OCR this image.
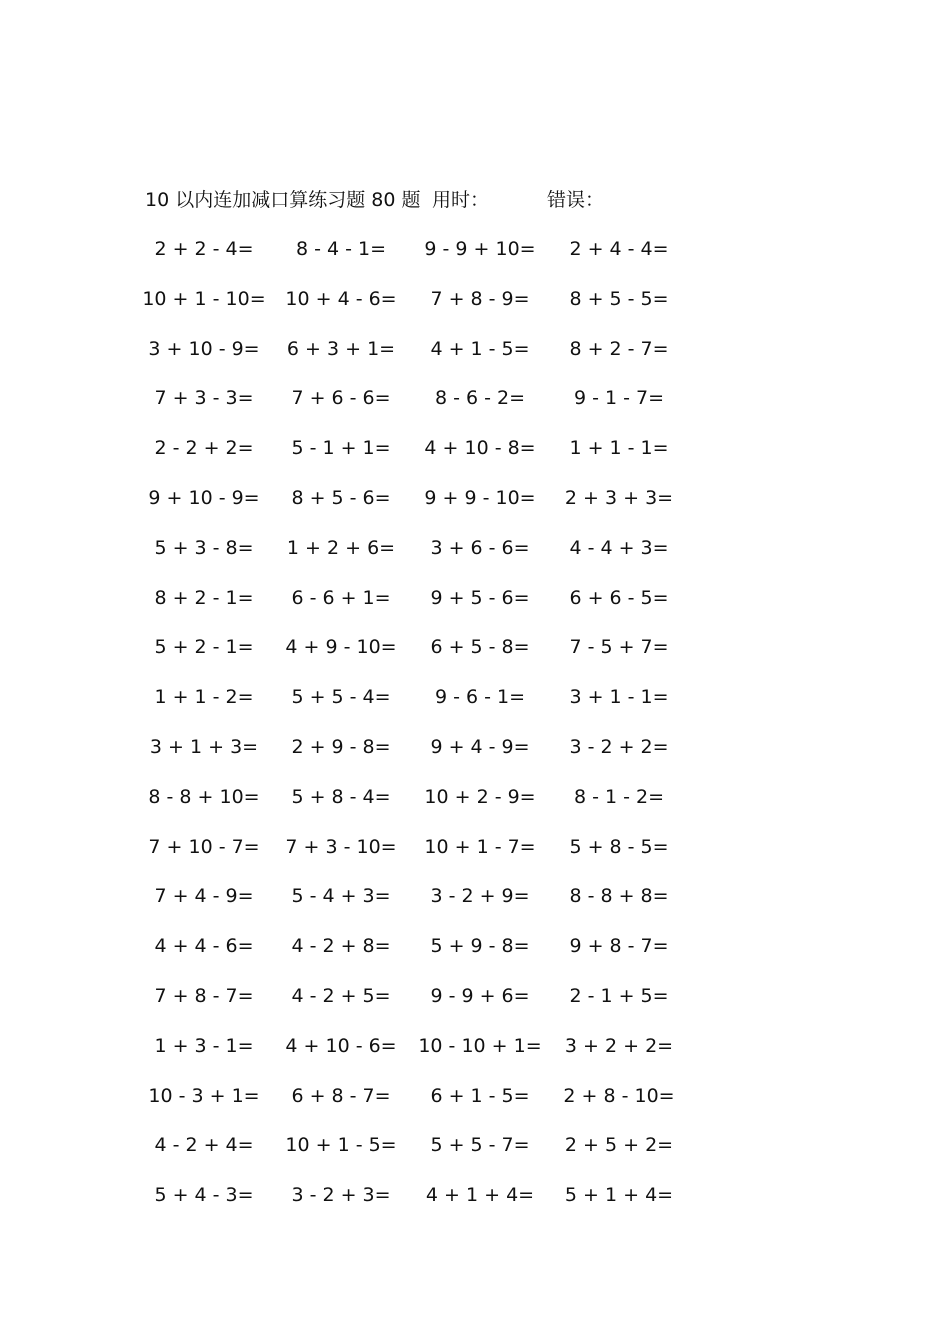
10 以内连加减口算练习题 80 题 用时：	错误：
2 + 2 - 4=	8 - 4 - 1=	9 - 9 + 10=	2 + 4 - 4=
10 + 1 - 10=	10 + 4 - 6=	7 + 8 - 9=	8 + 5 - 5=
3 + 10 - 9=	6 + 3 + 1=	4 + 1 - 5=	8 + 2 - 7=
7 + 3 - 3=	7 + 6 - 6=	8 - 6 - 2=	9 - 1 - 7=
2 - 2 + 2=	5 - 1 + 1=	4 + 10 - 8=	1 + 1 - 1=
9 + 10 - 9=	8 + 5 - 6=	9 + 9 - 10=	2 + 3 + 3=
5 + 3 - 8=	1 + 2 + 6=	3 + 6 - 6=	4 - 4 + 3=
8 + 2 - 1=	6 - 6 + 1=	9 + 5 - 6=	6 + 6 - 5=
5 + 2 - 1=	4 + 9 - 10=	6 + 5 - 8=	7 - 5 + 7=
1 + 1 - 2=	5 + 5 - 4=	9 - 6 - 1=	3 + 1 - 1=
3 + 1 + 3=	2 + 9 - 8=	9 + 4 - 9=	3 - 2 + 2=
8 - 8 + 10=	5 + 8 - 4=	10 + 2 - 9=	8 - 1 - 2=
7 + 10 - 7=	7 + 3 - 10=	10 + 1 - 7=	5 + 8 - 5=
7 + 4 - 9=	5 - 4 + 3=	3 - 2 + 9=	8 - 8 + 8=
4 + 4 - 6=	4 - 2 + 8=	5 + 9 - 8=	9 + 8 - 7=
7 + 8 - 7=	4 - 2 + 5=	9 - 9 + 6=	2 - 1 + 5=
1 + 3 - 1=	4 + 10 - 6=	10 - 10 + 1=	3 + 2 + 2=
10 - 3 + 1=	6 + 8 - 7=	6 + 1 - 5=	2 + 8 - 10=
4 - 2 + 4=	10 + 1 - 5=	5 + 5 - 7=	2 + 5 + 2=
5 + 4 - 3=	3 - 2 + 3=	4 + 1 + 4=	5 + 1 + 4=
